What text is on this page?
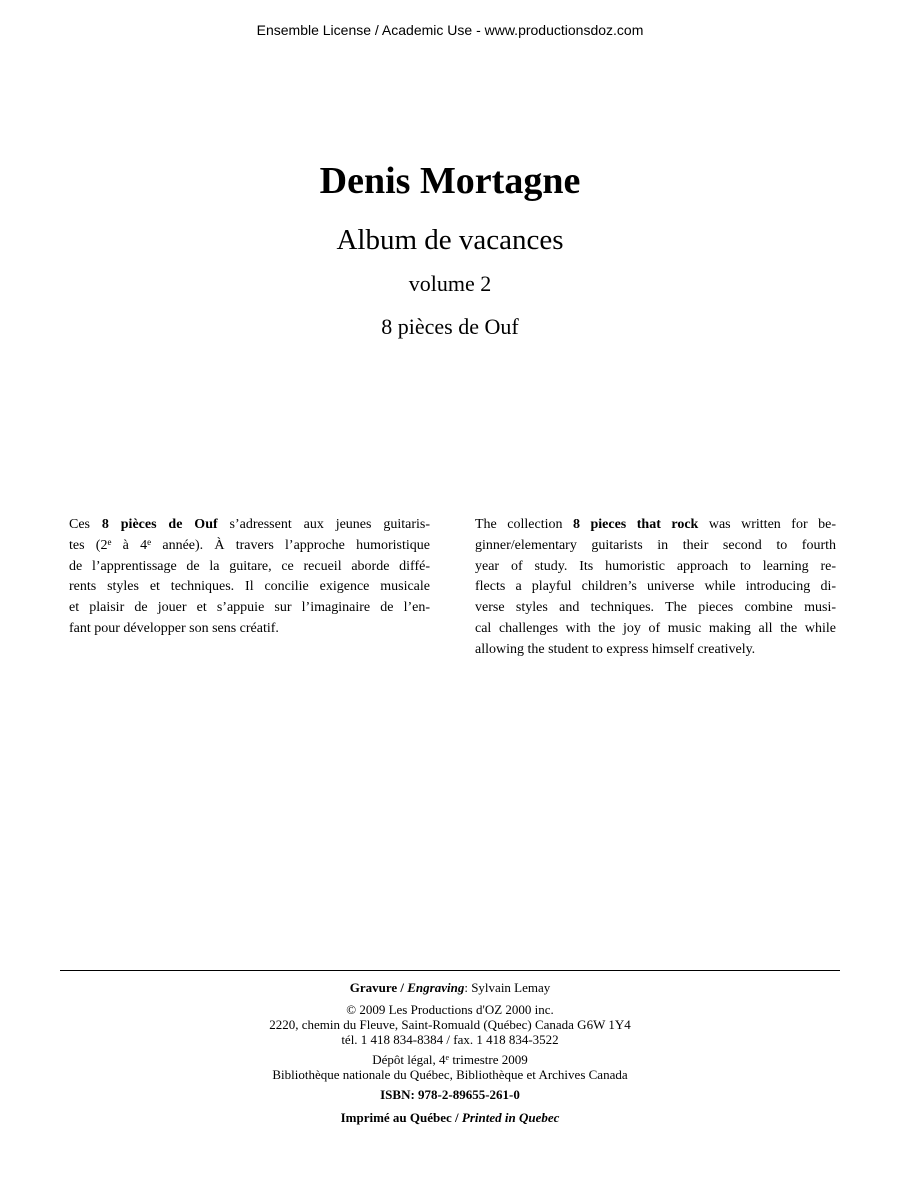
Ensemble License / Academic Use - www.productionsdoz.com
Denis Mortagne
Album de vacances
volume 2
8 pièces de Ouf
Ces 8 pièces de Ouf s’adressent aux jeunes guitaris-
tes (2e à 4e année). À travers l’approche humoristique
de l’apprentissage de la guitare, ce recueil aborde diffé-
rents styles et techniques. Il concilie exigence musicale
et plaisir de jouer et s’appuie sur l’imaginaire de l’en-
fant pour développer son sens créatif.
The collection 8 pieces that rock was written for be-
ginner/elementary guitarists in their second to fourth
year of study. Its humoristic approach to learning re-
flects a playful children’s universe while introducing di-
verse styles and techniques. The pieces combine musi-
cal challenges with the joy of music making all the while
allowing the student to express himself creatively.
Gravure / Engraving: Sylvain Lemay
© 2009 Les Productions d'OZ 2000 inc.
2220, chemin du Fleuve, Saint-Romuald (Québec) Canada G6W 1Y4
tél. 1 418 834-8384 / fax. 1 418 834-3522
Dépôt légal, 4e trimestre 2009
Bibliothèque nationale du Québec, Bibliothèque et Archives Canada
ISBN: 978-2-89655-261-0
Imprimé au Québec / Printed in Quebec
